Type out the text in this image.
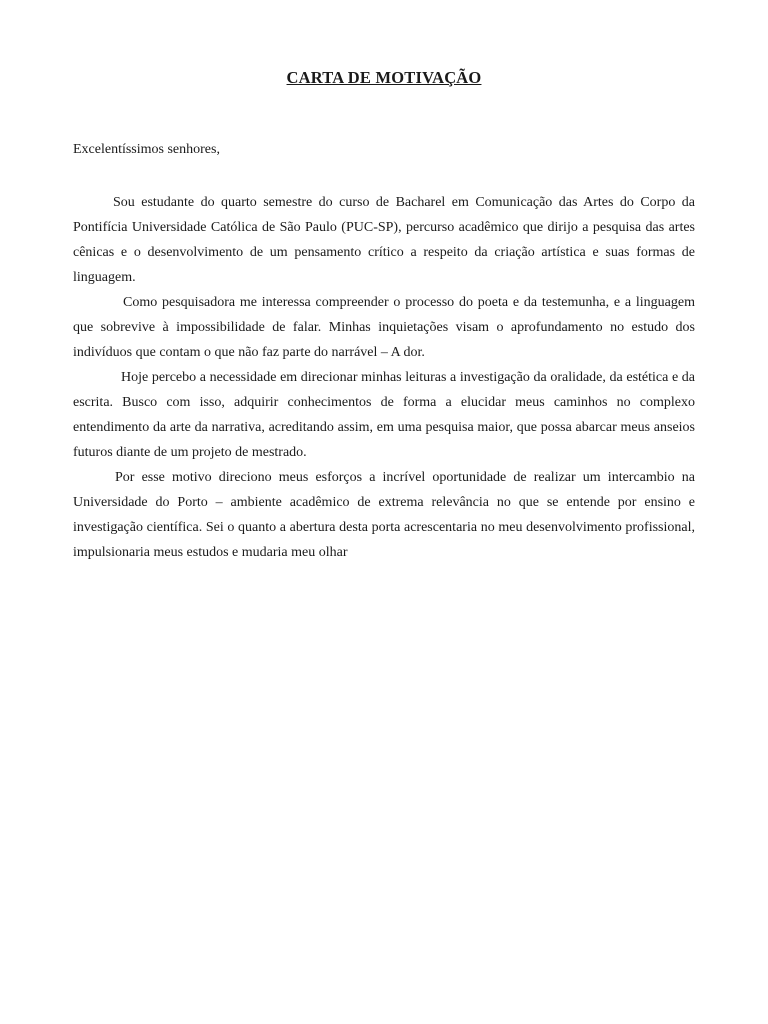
CARTA DE MOTIVAÇÃO

Excelentíssimos senhores,

Sou estudante do quarto semestre do curso de Bacharel em Comunicação das Artes do Corpo da Pontifícia Universidade Católica de São Paulo (PUC-SP), percurso acadêmico que dirijo a pesquisa das artes cênicas e o desenvolvimento de um pensamento crítico a respeito da criação artística e suas formas de linguagem.

Como pesquisadora me interessa compreender o processo do poeta e da testemunha, e a linguagem que sobrevive à impossibilidade de falar. Minhas inquietações visam o aprofundamento no estudo dos indivíduos que contam o que não faz parte do narrável – A dor.

Hoje percebo a necessidade em direcionar minhas leituras a investigação da oralidade, da estética e da escrita. Busco com isso, adquirir conhecimentos de forma a elucidar meus caminhos no complexo entendimento da arte da narrativa, acreditando assim, em uma pesquisa maior, que possa abarcar meus anseios futuros diante de um projeto de mestrado.

Por esse motivo direciono meus esforços a incrível oportunidade de realizar um intercambio na Universidade do Porto – ambiente acadêmico de extrema relevância no que se entende por ensino e investigação científica. Sei o quanto a abertura desta porta acrescentaria no meu desenvolvimento profissional, impulsionaria meus estudos e mudaria meu olhar
